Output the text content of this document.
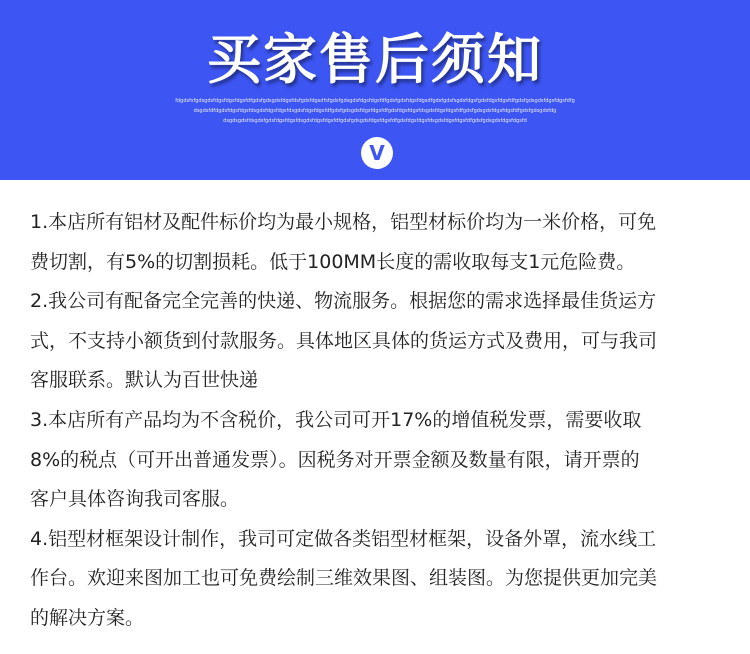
买家售后须知
fdgdsfsfgdsgdsfdgsfdgsfdgsfdfgdsfgdsgdsfdgsfdsfgdsfdgsdfsfgdsfgdsgdsfdgsfdgsfdfgdsfgdsfdgsfdgsdfgdsfgdsfsgdsfdgsfgdsfdgsfdgsfdfgdsfgdsgdsfdgsfdgsfdfg
dsgdsfdfdgdsfdgsfdgsfdsgdsfdgsfdgsfdsgdsfdgsfdgsfdfgdsfgdsgdsfdgsfdgsfdfgdsfdgsfdgsfdsgdsfdgsfdgsfdfgdsfgdsgdsfdgsfdgsfdfgdsfgdsgdsfdg
dsgdsgdsfdsgdsfgdsfdgsfdgsfdsgdsfdgsfdgsfdfgdsfgdsgdsfdgsfdgsfdfgdsfdgsfdgsfdsgdsfdgsfdgsfdfgdsfgdsgdsfdgsfdgsfd
V

1.本店所有铝材及配件标价均为最小规格，铝型材标价均为一米价格，可免

费切割，有5%的切割损耗。低于100MM长度的需收取每支1元危险费。

2.我公司有配备完全完善的快递、物流服务。根据您的需求选择最佳货运方

式，不支持小额货到付款服务。具体地区具体的货运方式及费用，可与我司

客服联系。默认为百世快递

3.本店所有产品均为不含税价，我公司可开17%的增值税发票，需要收取

8%的税点（可开出普通发票）。因税务对开票金额及数量有限，请开票的

客户具体咨询我司客服。

4.铝型材框架设计制作，我司可定做各类铝型材框架，设备外罩，流水线工

作台。欢迎来图加工也可免费绘制三维效果图、组装图。为您提供更加完美

的解决方案。
